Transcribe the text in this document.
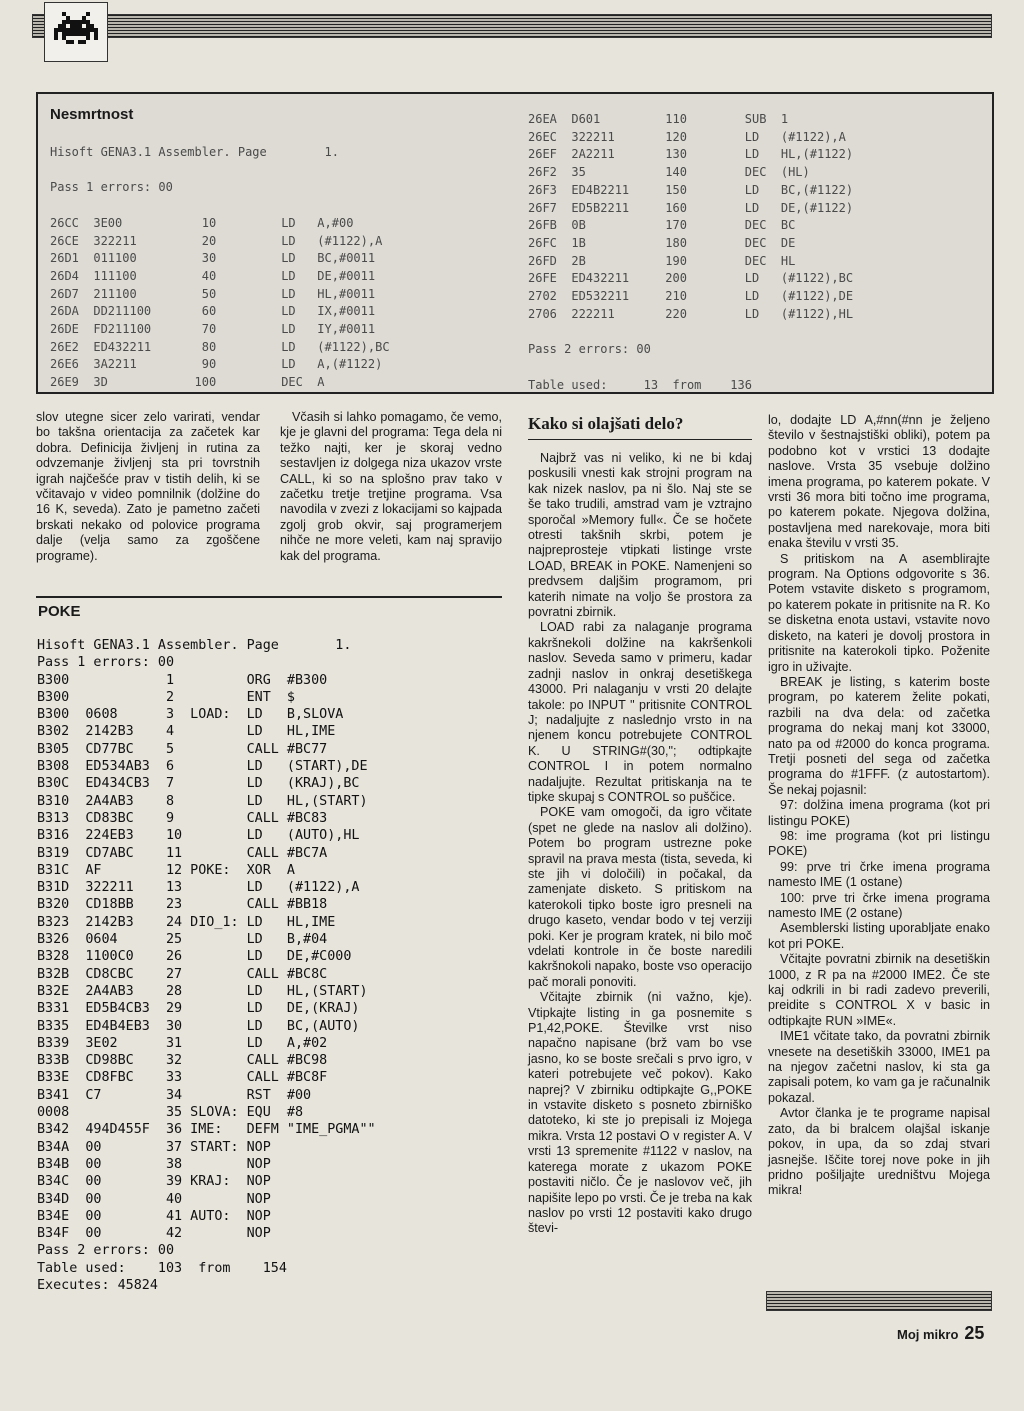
Nesmrtnost
Hisoft GENA3.1 Assembler. Page        1.

Pass 1 errors: 00

26CC  3E00           10         LD   A,#00
26CE  322211         20         LD   (#1122),A
26D1  011100         30         LD   BC,#0011
26D4  111100         40         LD   DE,#0011
26D7  211100         50         LD   HL,#0011
26DA  DD211100       60         LD   IX,#0011
26DE  FD211100       70         LD   IY,#0011
26E2  ED432211       80         LD   (#1122),BC
26E6  3A2211         90         LD   A,(#1122)
26E9  3D            100         DEC  A
26EA  D601         110        SUB  1
26EC  322211       120        LD   (#1122),A
26EF  2A2211       130        LD   HL,(#1122)
26F2  35           140        DEC  (HL)
26F3  ED4B2211     150        LD   BC,(#1122)
26F7  ED5B2211     160        LD   DE,(#1122)
26FB  0B           170        DEC  BC
26FC  1B           180        DEC  DE
26FD  2B           190        DEC  HL
26FE  ED432211     200        LD   (#1122),BC
2702  ED532211     210        LD   (#1122),DE
2706  222211       220        LD   (#1122),HL

Pass 2 errors: 00

Table used:     13  from    136

slov utegne sicer zelo varirati, vendar bo takšna orientacija za začetek kar dobra. Definicija življenj in rutina za odvzemanje življenj sta pri tovrstnih igrah najčešće prav v tistih delih, ki se včitavajo v video pomnilnik (dolžine do 16 K, seveda). Zato je pametno začeti brskati nekako od polovice programa dalje (velja samo za zgoščene programe).

Včasih si lahko pomagamo, če vemo, kje je glavni del programa: Tega dela ni težko najti, ker je skoraj vedno sestavljen iz dolgega niza ukazov vrste CALL, ki so na splošno prav tako v začetku tretje tretjine programa. Vsa navodila v zvezi z lokacijami so kajpada zgolj grob okvir, saj programerjem nihče ne more veleti, kam naj spravijo kak del programa.

POKE
Hisoft GENA3.1 Assembler. Page       1.
Pass 1 errors: 00
B300            1         ORG  #B300
B300            2         ENT  $
B300  0608      3  LOAD:  LD   B,SLOVA
B302  2142B3    4         LD   HL,IME
B305  CD77BC    5         CALL #BC77
B308  ED534AB3  6         LD   (START),DE
B30C  ED434CB3  7         LD   (KRAJ),BC
B310  2A4AB3    8         LD   HL,(START)
B313  CD83BC    9         CALL #BC83
B316  224EB3    10        LD   (AUTO),HL
B319  CD7ABC    11        CALL #BC7A
B31C  AF        12 POKE:  XOR  A
B31D  322211    13        LD   (#1122),A
B320  CD18BB    23        CALL #BB18
B323  2142B3    24 DIO_1: LD   HL,IME
B326  0604      25        LD   B,#04
B328  1100C0    26        LD   DE,#C000
B32B  CD8CBC    27        CALL #BC8C
B32E  2A4AB3    28        LD   HL,(START)
B331  ED5B4CB3  29        LD   DE,(KRAJ)
B335  ED4B4EB3  30        LD   BC,(AUTO)
B339  3E02      31        LD   A,#02
B33B  CD98BC    32        CALL #BC98
B33E  CD8FBC    33        CALL #BC8F
B341  C7        34        RST  #00
0008            35 SLOVA: EQU  #8
B342  494D455F  36 IME:   DEFM "IME_PGMA""
B34A  00        37 START: NOP
B34B  00        38        NOP
B34C  00        39 KRAJ:  NOP
B34D  00        40        NOP
B34E  00        41 AUTO:  NOP
B34F  00        42        NOP
Pass 2 errors: 00
Table used:    103  from    154
Executes: 45824
Kako si olajšati delo?

Najbrž vas ni veliko, ki ne bi kdaj poskusili vnesti kak strojni program na kak nizek naslov, pa ni šlo. Naj ste se še tako trudili, amstrad vam je vztrajno sporočal »Memory full«. Če se hočete otresti takšnih skrbi, potem je najpreprosteje vtipkati listinge vrste LOAD, BREAK in POKE. Namenjeni so predvsem daljšim programom, pri katerih nimate na voljo še prostora za povratni zbirnik.

LOAD rabi za nalaganje programa kakršnekoli dolžine na kakršenkoli naslov. Seveda samo v primeru, kadar zadnji naslov in onkraj desetiškega 43000. Pri nalaganju v vrsti 20 delajte takole: po INPUT " pritisnite CONTROL J; nadaljujte z naslednjo vrsto in na njenem koncu potrebujete CONTROL K. U STRING#(30,"; odtipkajte CONTROL I in potem normalno nadaljujte. Rezultat pritiskanja na te tipke skupaj s CONTROL so puščice.

POKE vam omogoči, da igro včitate (spet ne glede na naslov ali dolžino). Potem bo program ustrezne poke spravil na prava mesta (tista, seveda, ki ste jih vi določili) in počakal, da zamenjate disketo. S pritiskom na katerokoli tipko boste igro presneli na drugo kaseto, vendar bodo v tej verziji poki. Ker je program kratek, ni bilo moč vdelati kontrole in če boste naredili kakršnokoli napako, boste vso operacijo pač morali ponoviti.

Včitajte zbirnik (ni važno, kje). Vtipkajte listing in ga posnemite s P1,42,POKE. Številke vrst niso napačno napisane (brž vam bo vse jasno, ko se boste srečali s prvo igro, v kateri potrebujete več pokov). Kako naprej? V zbirniku odtipkajte G,,POKE in vstavite disketo s posneto zbirniško datoteko, ki ste jo prepisali iz Mojega mikra. Vrsta 12 postavi O v register A. V vrsti 13 spremenite #1122 v naslov, na katerega morate z ukazom POKE postaviti ničlo. Če je naslovov več, jih napišite lepo po vrsti. Če je treba na kak naslov po vrsti 12 postaviti kako drugo števi-

lo, dodajte LD A,#nn(#nn je željeno število v šestnajstiški obliki), potem pa podobno kot v vrstici 13 dodajte naslove. Vrsta 35 vsebuje dolžino imena programa, po katerem pokate. V vrsti 36 mora biti točno ime programa, po katerem pokate. Njegova dolžina, postavljena med narekovaje, mora biti enaka številu v vrsti 35.

S pritiskom na A asemblirajte program. Na Options odgovorite s 36. Potem vstavite disketo s programom, po katerem pokate in pritisnite na R. Ko se disketna enota ustavi, vstavite novo disketo, na kateri je dovolj prostora in pritisnite na katerokoli tipko. Poženite igro in uživajte.

BREAK je listing, s katerim boste program, po katerem želite pokati, razbili na dva dela: od začetka programa do nekaj manj kot 33000, nato pa od #2000 do konca programa. Tretji posneti del sega od začetka programa do #1FFF. (z autostartom). Še nekaj pojasnil:

97: dolžina imena programa (kot pri listingu POKE)

98: ime programa (kot pri listingu POKE)

99: prve tri črke imena programa namesto IME (1 ostane)

100: prve tri črke imena programa namesto IME (2 ostane)

Asemblerski listing uporabljate enako kot pri POKE.

Včitajte povratni zbirnik na desetiškin 1000, z R pa na #2000 IME2. Če ste kaj odkrili in bi radi zadevo preverili, preidite s CONTROL X v basic in odtipkajte RUN »IME«.

IME1 včitate tako, da povratni zbirnik vnesete na desetiških 33000, IME1 pa na njegov začetni naslov, ki sta ga zapisali potem, ko vam ga je računalnik pokazal.

Avtor članka je te programe napisal zato, da bi bralcem olajšal iskanje pokov, in upa, da so zdaj stvari jasnejše. Iščite torej nove poke in jih pridno pošiljajte uredništvu Mojega mikra!

Moj mikro 25
